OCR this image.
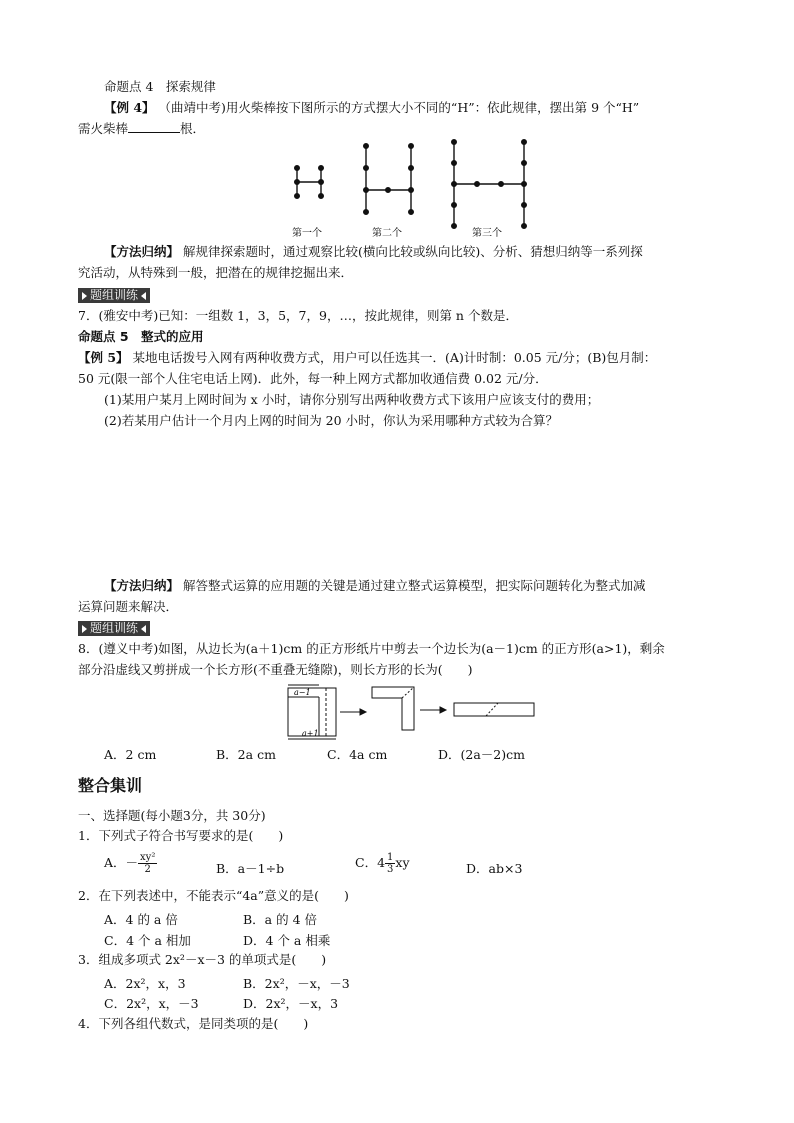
命题点 4　探索规律
【例 4】 （曲靖中考)用火柴棒按下图所示的方式摆大小不同的“H”：依此规律，摆出第 9 个“H”
需火柴棒	根．
第一个	第二个	第三个
【方法归纳】 解规律探索题时，通过观察比较(横向比较或纵向比较)、分析、猜想归纳等一系列探
究活动，从特殊到一般，把潜在的规律挖掘出来．
题组训练
7．(雅安中考)已知：一组数 1，3，5，7，9，…，按此规律，则第 n 个数是．
命题点 5　整式的应用
【例 5】 某地电话拨号入网有两种收费方式，用户可以任选其一．(A)计时制：0.05 元/分；(B)包月制：
50 元(限一部个人住宅电话上网)．此外，每一种上网方式都加收通信费 0.02 元/分．
(1)某用户某月上网时间为 x 小时，请你分别写出两种收费方式下该用户应该支付的费用；
(2)若某用户估计一个月内上网的时间为 20 小时，你认为采用哪种方式较为合算？
【方法归纳】 解答整式运算的应用题的关键是通过建立整式运算模型，把实际问题转化为整式加减
运算问题来解决．
题组训练
8．(遵义中考)如图，从边长为(a＋1)cm 的正方形纸片中剪去一个边长为(a－1)cm 的正方形(a>1)，剩余
部分沿虚线又剪拼成一个长方形(不重叠无缝隙)，则长方形的长为(　　)
a−1
a+1
A．2 cm	B．2a cm	C．4a cm	D．(2a－2)cm
整合集训
一、选择题(每小题3分，共 30分)
1．下列式子符合书写要求的是(　　)
A．－ $\frac{\text{xy²}}{2}$	B．a－1÷b	C．$4 \frac{1}{3}$ xy	D．ab×3
2．在下列表述中，不能表示“4a”意义的是(　　)
A．4 的 a 倍	B．a 的 4 倍
C．4 个 a 相加	D．4 个 a 相乘
3．组成多项式 2x²－x－3 的单项式是(　　)
A．2x²，x，3	B．2x²，－x，－3
C．2x²，x，－3	D．2x²，－x，3
4．下列各组代数式，是同类项的是(　　)
